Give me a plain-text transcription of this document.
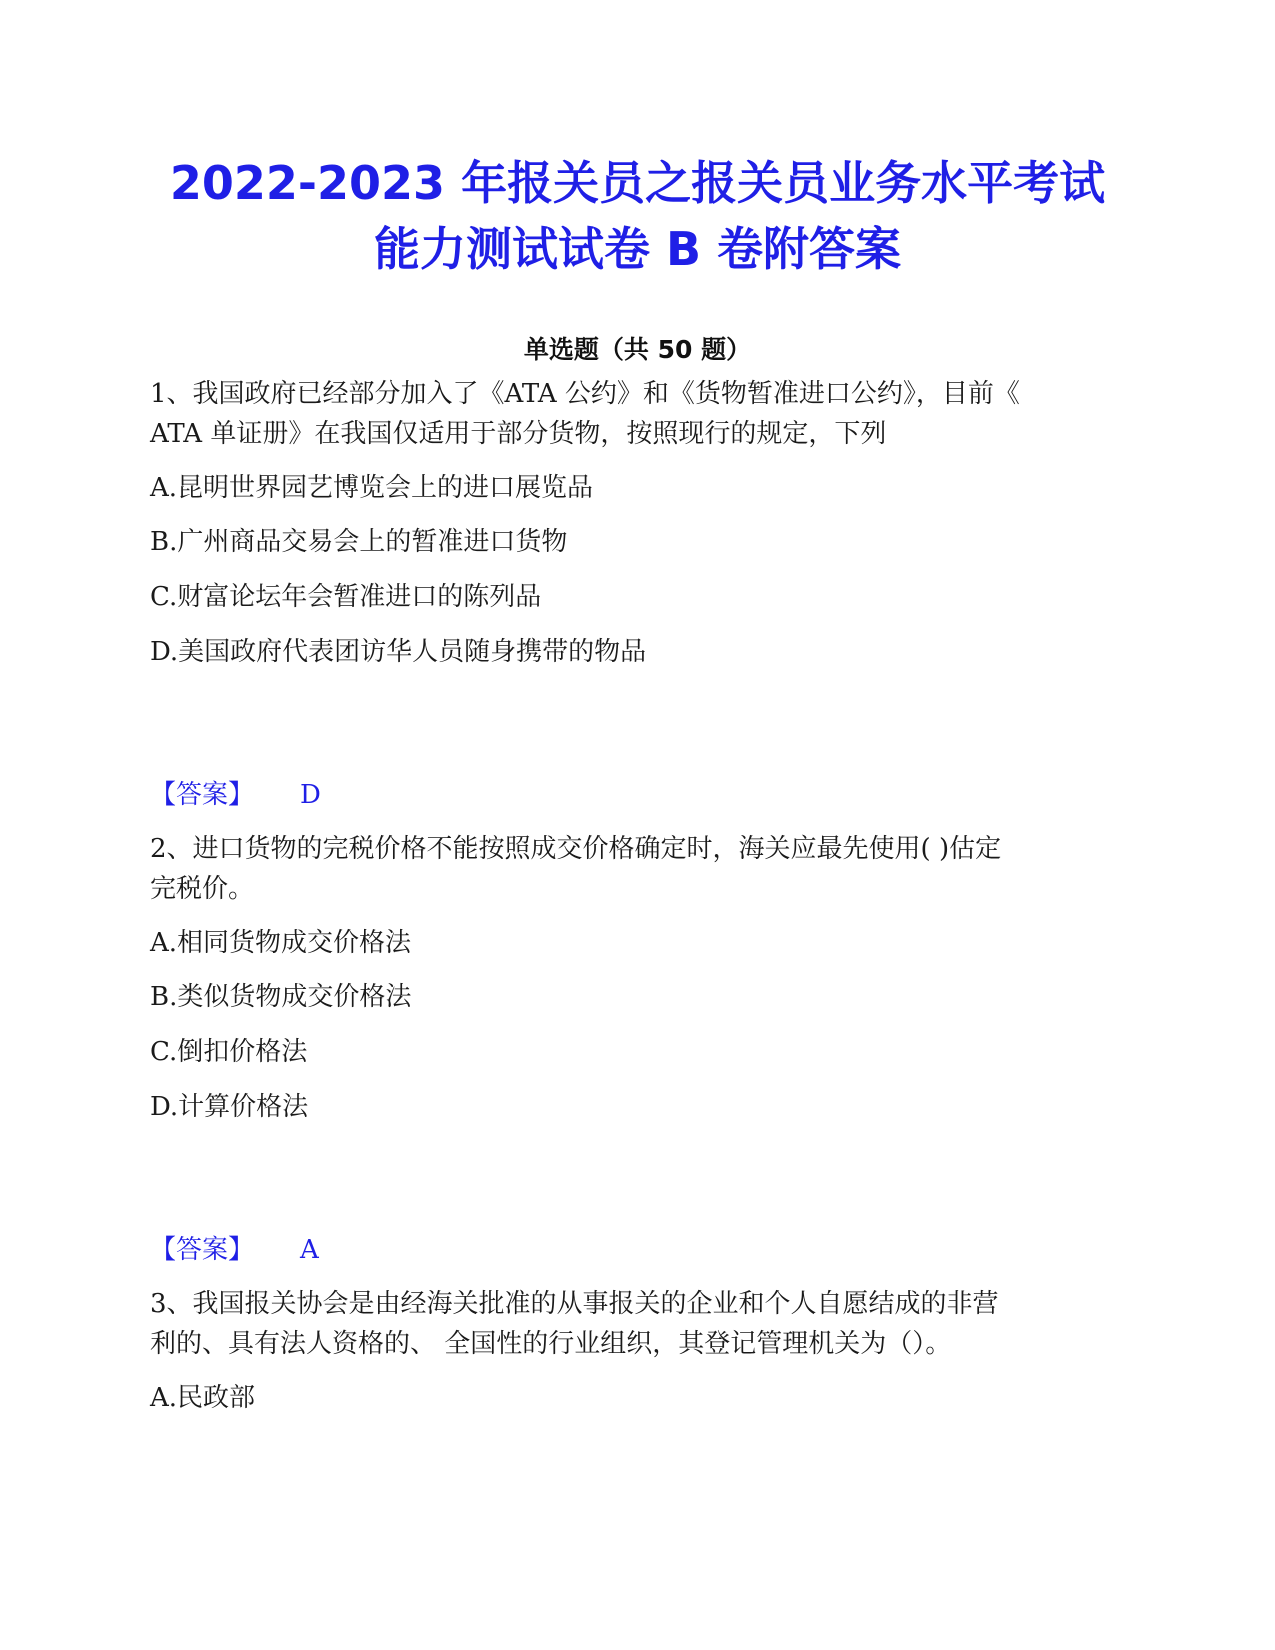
2022-2023 年报关员之报关员业务水平考试
能力测试试卷 B 卷附答案
单选题（共 50 题）
1、我国政府已经部分加入了《ATA 公约》和《货物暂准进口公约》，目前《
ATA 单证册》在我国仅适用于部分货物，按照现行的规定，下列
A.昆明世界园艺博览会上的进口展览品
B.广州商品交易会上的暂准进口货物
C.财富论坛年会暂准进口的陈列品
D.美国政府代表团访华人员随身携带的物品
【答案】 D
2、进口货物的完税价格不能按照成交价格确定时，海关应最先使用( )估定
完税价。
A.相同货物成交价格法
B.类似货物成交价格法
C.倒扣价格法
D.计算价格法
【答案】 A
3、我国报关协会是由经海关批准的从事报关的企业和个人自愿结成的非营
利的、具有法人资格的、 全国性的行业组织，其登记管理机关为（）。
A.民政部
